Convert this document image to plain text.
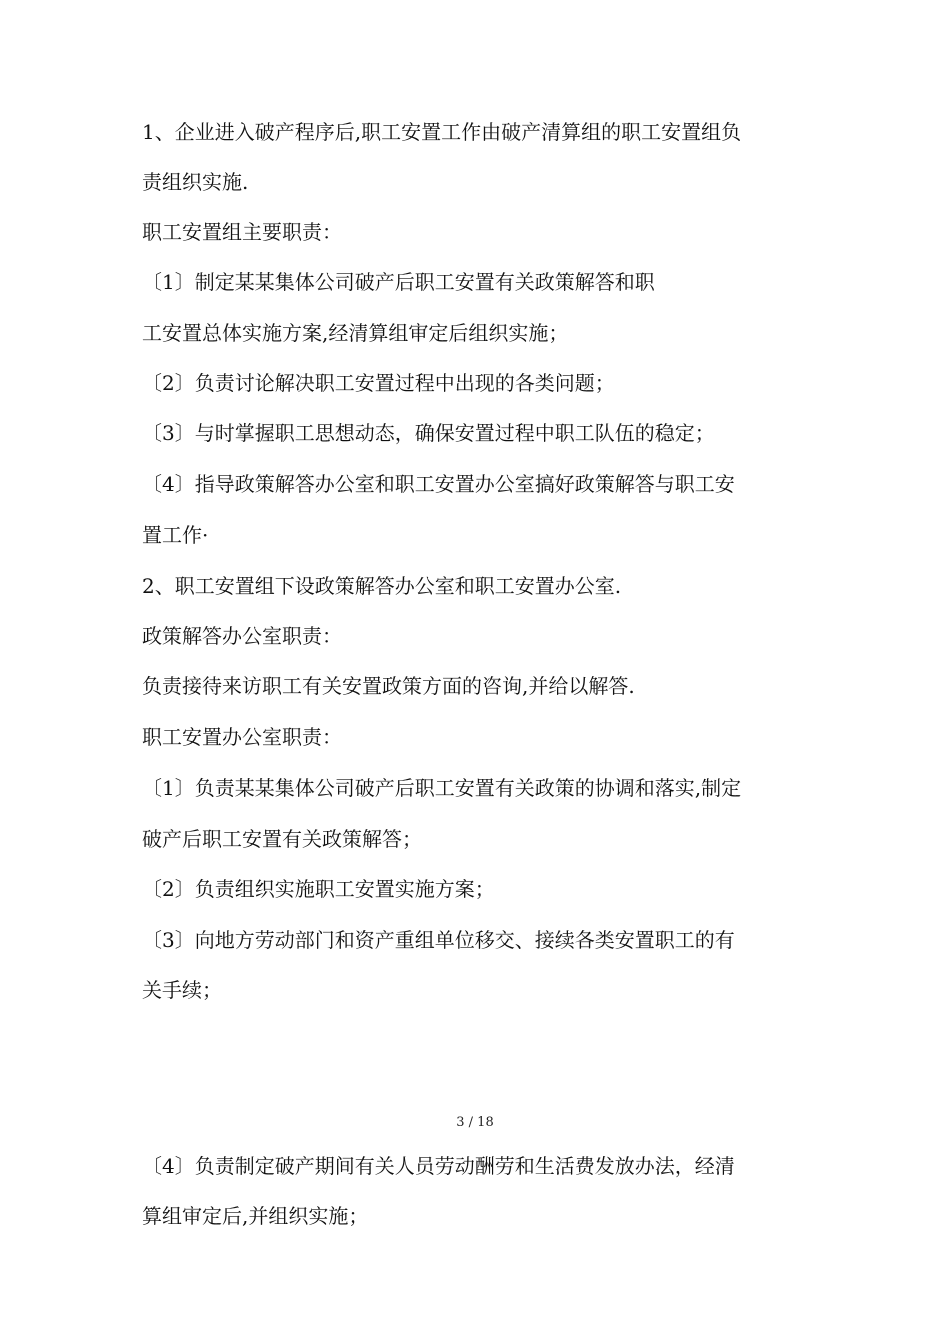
1、企业进入破产程序后,职工安置工作由破产清算组的职工安置组负
责组织实施.
职工安置组主要职责：
〔1〕制定某某集体公司破产后职工安置有关政策解答和职
工安置总体实施方案,经清算组审定后组织实施；
〔2〕负责讨论解决职工安置过程中出现的各类问题；
〔3〕与时掌握职工思想动态，确保安置过程中职工队伍的稳定；
〔4〕指导政策解答办公室和职工安置办公室搞好政策解答与职工安
置工作·
2、职工安置组下设政策解答办公室和职工安置办公室.
政策解答办公室职责：
负责接待来访职工有关安置政策方面的咨询,并给以解答.
职工安置办公室职责：
〔1〕负责某某集体公司破产后职工安置有关政策的协调和落实,制定
破产后职工安置有关政策解答；
〔2〕负责组织实施职工安置实施方案；
〔3〕向地方劳动部门和资产重组单位移交、接续各类安置职工的有
关手续；
3 / 18
〔4〕负责制定破产期间有关人员劳动酬劳和生活费发放办法，经清
算组审定后,并组织实施；
